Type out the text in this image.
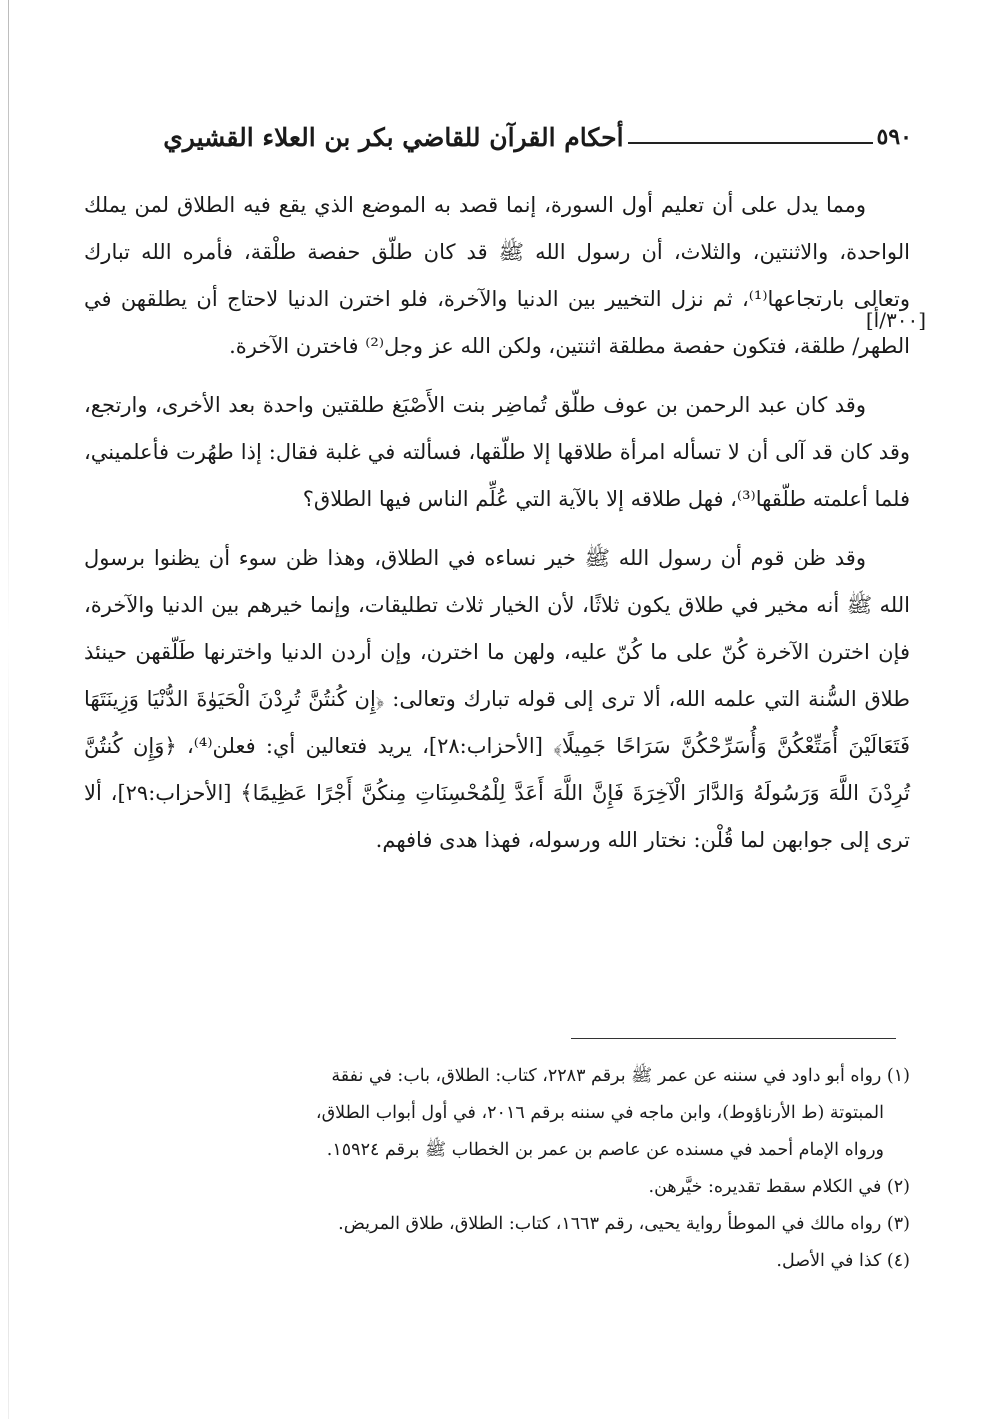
٥٩٠
أحكام القرآن للقاضي بكر بن العلاء القشيري
[٣٠٠/أ]

ومما يدل على أن تعليم أول السورة، إنما قصد به الموضع الذي يقع فيه الطلاق لمن يملك الواحدة، والاثنتين، والثلاث، أن رسول الله ﷺ قد كان طلّق حفصة طلْقة، فأمره الله تبارك وتعالى بارتجاعها⁽¹⁾، ثم نزل التخيير بين الدنيا والآخرة، فلو اخترن الدنيا لاحتاج أن يطلقهن في الطهر/ طلقة، فتكون حفصة مطلقة اثنتين، ولكن الله عز وجل⁽²⁾ فاخترن الآخرة.

وقد كان عبد الرحمن بن عوف طلّق تُماضِر بنت الأَصْبَغ طلقتين واحدة بعد الأخرى، وارتجع، وقد كان قد آلى أن لا تسأله امرأة طلاقها إلا طلّقها، فسألته في غلبة فقال: إذا طهُرت فأعلميني، فلما أعلمته طلّقها⁽³⁾، فهل طلاقه إلا بالآية التي عُلِّم الناس فيها الطلاق؟

وقد ظن قوم أن رسول الله ﷺ خير نساءه في الطلاق، وهذا ظن سوء أن يظنوا برسول الله ﷺ أنه مخير في طلاق يكون ثلاثًا، لأن الخيار ثلاث تطليقات، وإنما خيرهم بين الدنيا والآخرة، فإن اخترن الآخرة كُنّ على ما كُنّ عليه، ولهن ما اخترن، وإن أردن الدنيا واخترنها طَلّقهن حينئذ طلاق السُّنة التي علمه الله، ألا ترى إلى قوله تبارك وتعالى: ﴿إِن كُنتُنَّ تُرِدْنَ الْحَيَوٰةَ الدُّنْيَا وَزِينَتَهَا فَتَعَالَيْنَ أُمَتِّعْكُنَّ وَأُسَرِّحْكُنَّ سَرَاحًا جَمِيلًا﴾ [الأحزاب:٢٨]، يريد فتعالين أي: فعلن⁽⁴⁾، ﴿وَإِن كُنتُنَّ تُرِدْنَ اللَّهَ وَرَسُولَهُ وَالدَّارَ الْآخِرَةَ فَإِنَّ اللَّهَ أَعَدَّ لِلْمُحْسِنَاتِ مِنكُنَّ أَجْرًا عَظِيمًا﴾ [الأحزاب:٢٩]، ألا ترى إلى جوابهن لما قُلْن: نختار الله ورسوله، فهذا هدى فافهم.

(١) رواه أبو داود في سننه عن عمر ﷺ برقم ٢٢٨٣، كتاب: الطلاق، باب: في نفقة

المبتوتة (ط الأرناؤوط)، وابن ماجه في سننه برقم ٢٠١٦، في أول أبواب الطلاق،

ورواه الإمام أحمد في مسنده عن عاصم بن عمر بن الخطاب ﷺ برقم ١٥٩٢٤.

(٢) في الكلام سقط تقديره: خيَّرهن.

(٣) رواه مالك في الموطأ رواية يحيى، رقم ١٦٦٣، كتاب: الطلاق، طلاق المريض.

(٤) كذا في الأصل.
